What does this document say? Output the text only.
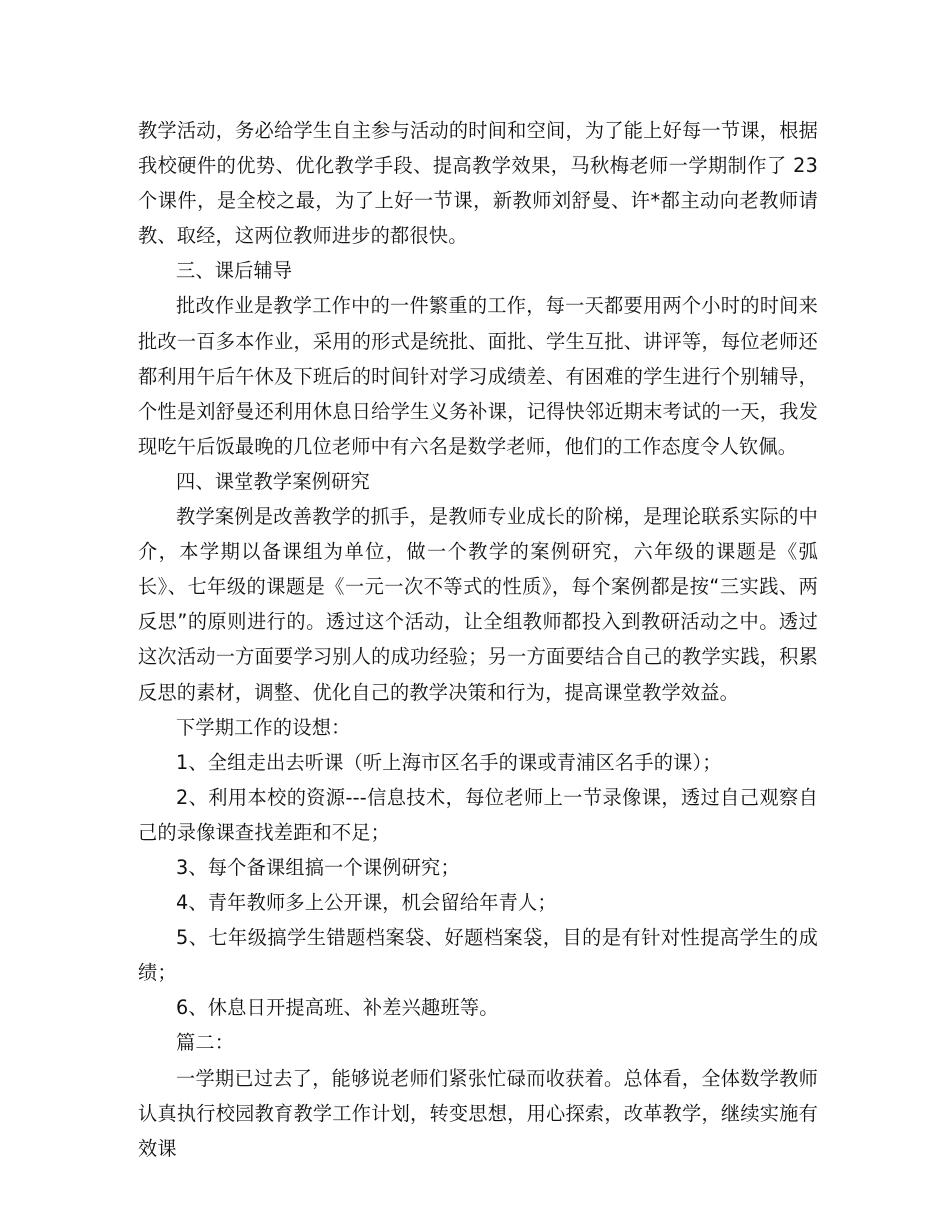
教学活动，务必给学生自主参与活动的时间和空间，为了能上好每一节课，根据我校硬件的优势、优化教学手段、提高教学效果，马秋梅老师一学期制作了 23 个课件，是全校之最，为了上好一节课，新教师刘舒曼、许*都主动向老教师请教、取经，这两位教师进步的都很快。

三、课后辅导

批改作业是教学工作中的一件繁重的工作，每一天都要用两个小时的时间来批改一百多本作业，采用的形式是统批、面批、学生互批、讲评等，每位老师还都利用午后午休及下班后的时间针对学习成绩差、有困难的学生进行个别辅导，个性是刘舒曼还利用休息日给学生义务补课，记得快邻近期末考试的一天，我发现吃午后饭最晚的几位老师中有六名是数学老师，他们的工作态度令人钦佩。

四、课堂教学案例研究

教学案例是改善教学的抓手，是教师专业成长的阶梯，是理论联系实际的中介，本学期以备课组为单位，做一个教学的案例研究，六年级的课题是《弧长》、七年级的课题是《一元一次不等式的性质》，每个案例都是按“三实践、两反思”的原则进行的。透过这个活动，让全组教师都投入到教研活动之中。透过这次活动一方面要学习别人的成功经验；另一方面要结合自己的教学实践，积累反思的素材，调整、优化自己的教学决策和行为，提高课堂教学效益。

下学期工作的设想：

1、全组走出去听课（听上海市区名手的课或青浦区名手的课）；

2、利用本校的资源---信息技术，每位老师上一节录像课，透过自己观察自己的录像课查找差距和不足；

3、每个备课组搞一个课例研究；

4、青年教师多上公开课，机会留给年青人；

5、七年级搞学生错题档案袋、好题档案袋，目的是有针对性提高学生的成绩；

6、休息日开提高班、补差兴趣班等。

篇二：

一学期已过去了，能够说老师们紧张忙碌而收获着。总体看，全体数学教师认真执行校园教育教学工作计划，转变思想，用心探索，改革教学，继续实施有效课
